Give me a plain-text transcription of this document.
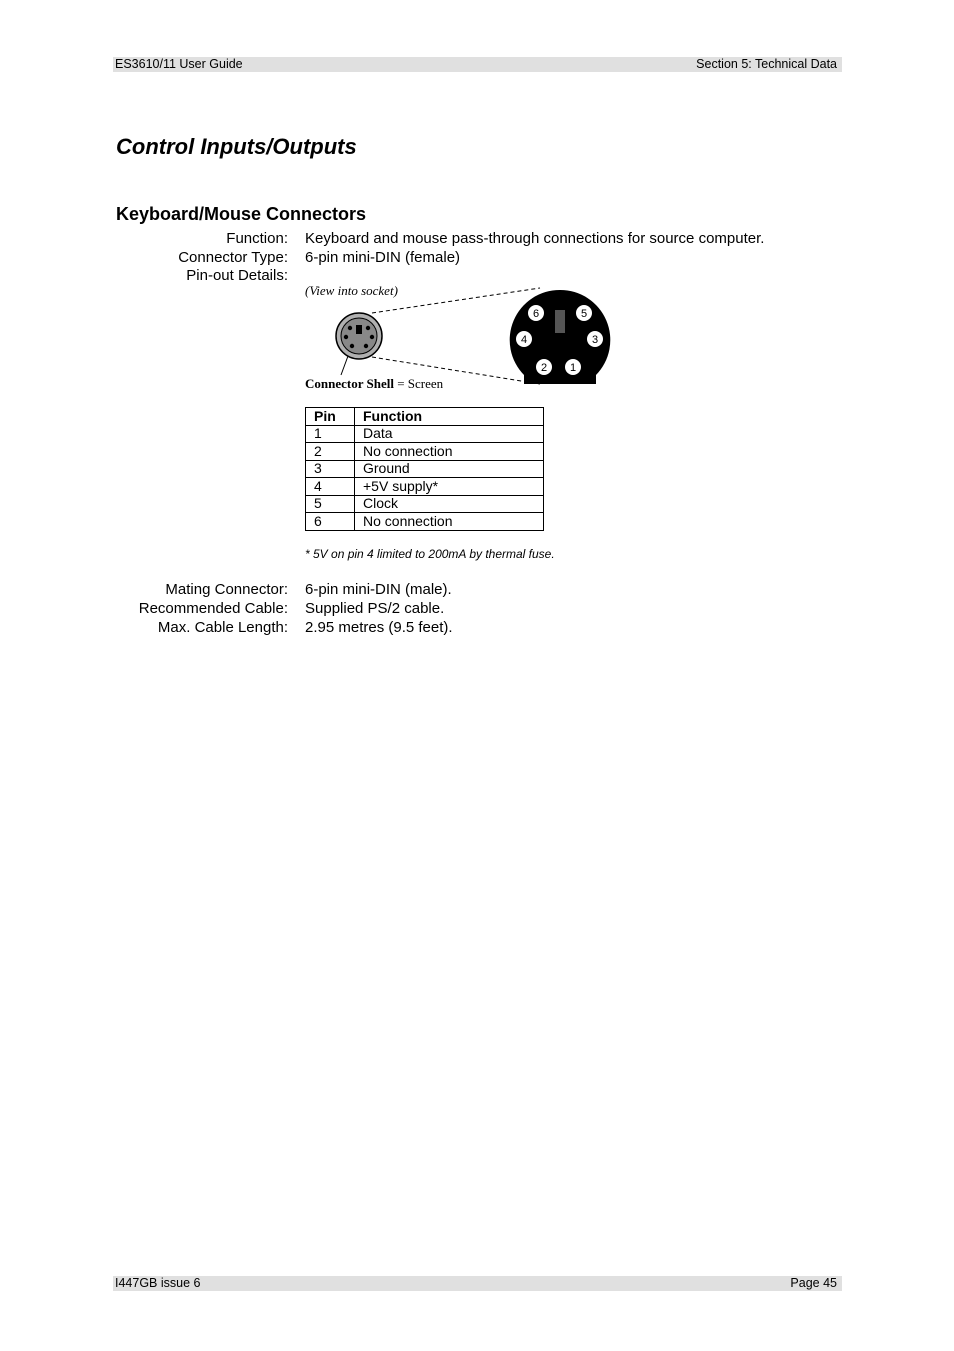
ES3610/11 User Guide	Section 5: Technical Data
Control Inputs/Outputs
Keyboard/Mouse Connectors
Function: Keyboard and mouse pass-through connections for source computer.
Connector Type: 6-pin mini-DIN (female)
Pin-out Details:
(View into socket)
6	5
4	3
2 1
Connector Shell = Screen
Pin	Function
1	Data
2	No connection
3	Ground
4	+5V supply*
5	Clock
6	No connection
* 5V on pin 4 limited to 200mA by thermal fuse.
Mating Connector: 6-pin mini-DIN (male).
Recommended Cable: Supplied PS/2 cable.
Max. Cable Length: 2.95 metres (9.5 feet).
I447GB issue 6	Page 45
